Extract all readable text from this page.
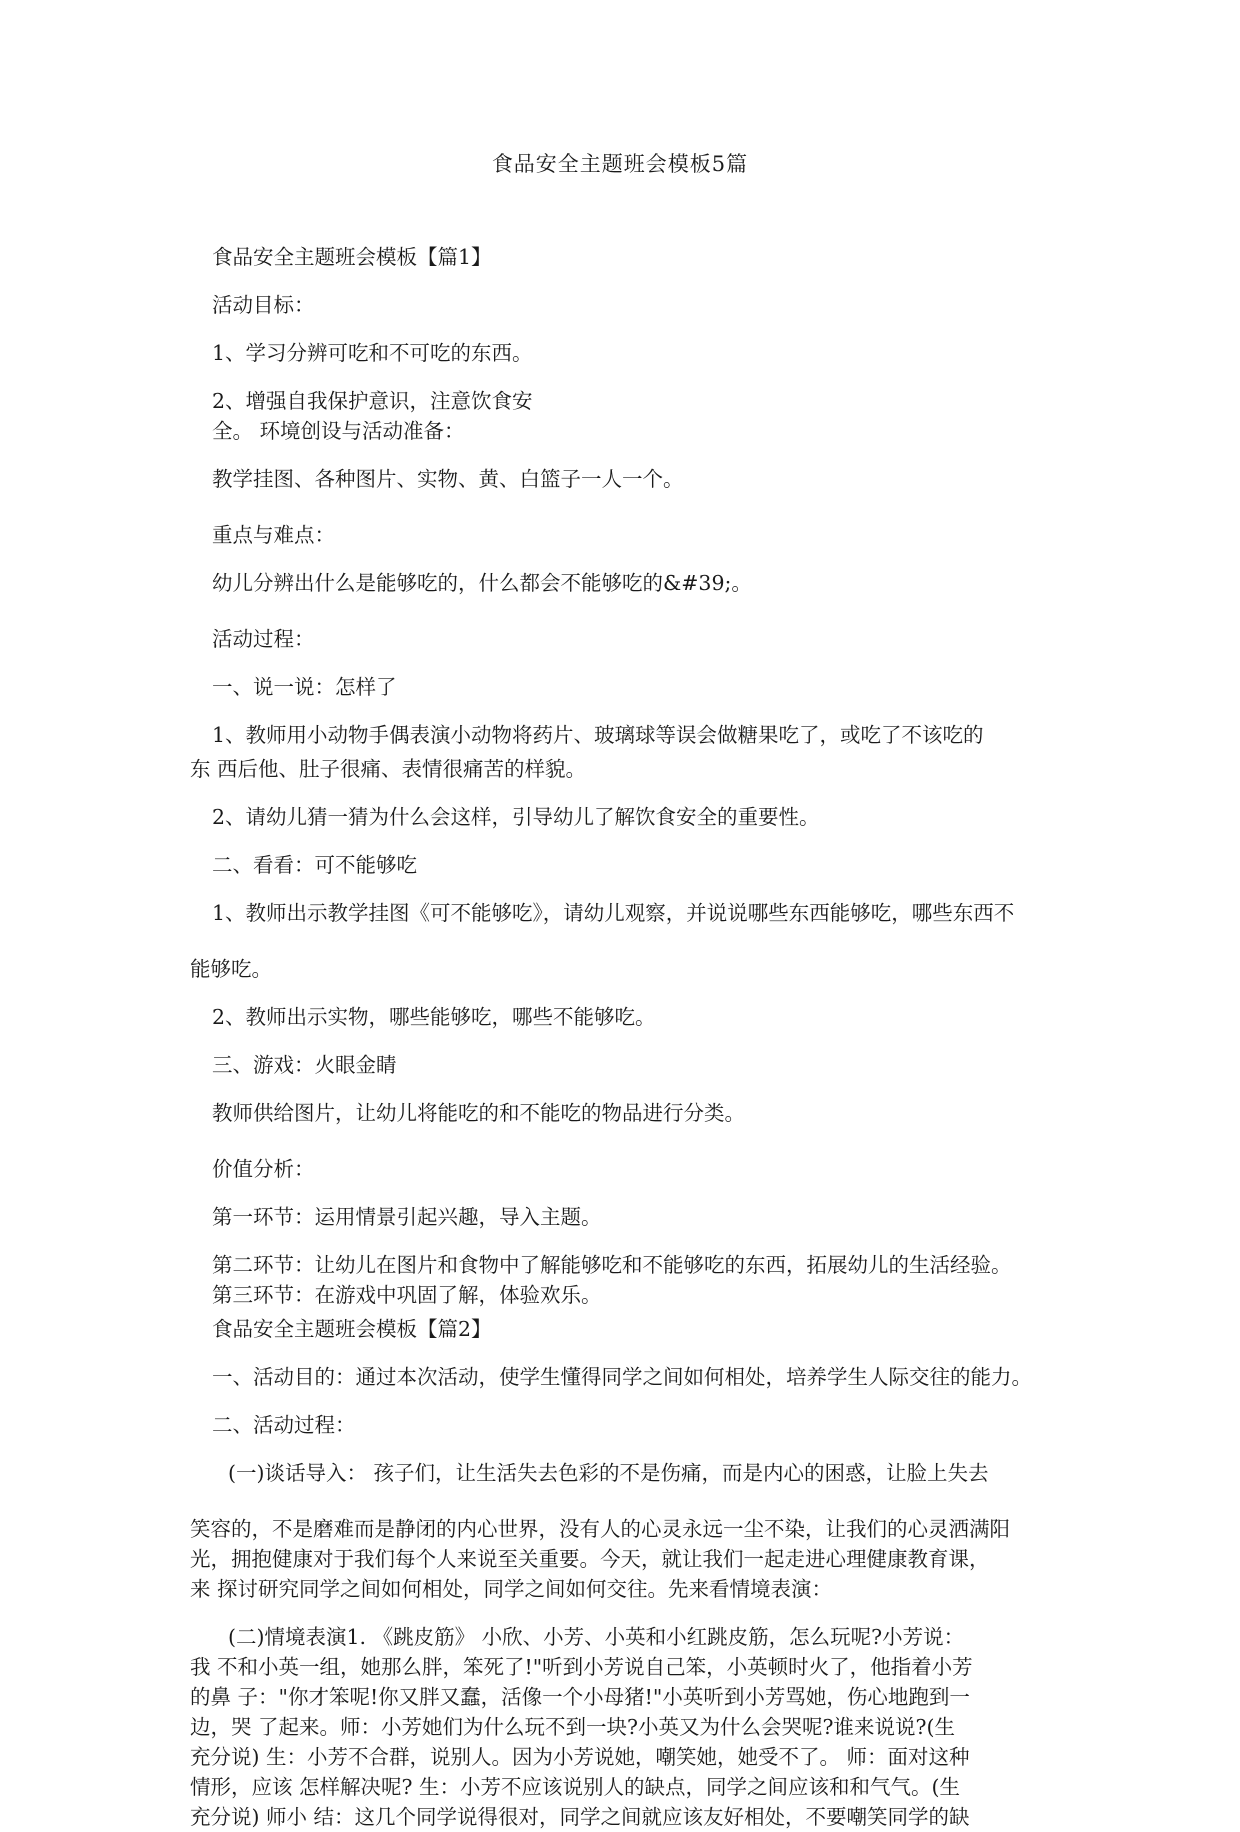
食品安全主题班会模板5篇

食品安全主题班会模板【篇1】

活动目标：

1、学习分辨可吃和不可吃的东西。

2、增强自我保护意识，注意饮食安

全。 环境创设与活动准备：

教学挂图、各种图片、实物、黄、白篮子一人一个。

重点与难点：

幼儿分辨出什么是能够吃的，什么都会不能够吃的&#39;。

活动过程：

一、说一说：怎样了

1、教师用小动物手偶表演小动物将药片、玻璃球等误会做糖果吃了，或吃了不该吃的

东 西后他、肚子很痛、表情很痛苦的样貌。

2、请幼儿猜一猜为什么会这样，引导幼儿了解饮食安全的重要性。

二、看看：可不能够吃

1、教师出示教学挂图《可不能够吃》，请幼儿观察，并说说哪些东西能够吃，哪些东西不

能够吃。

2、教师出示实物，哪些能够吃，哪些不能够吃。

三、游戏：火眼金睛

教师供给图片，让幼儿将能吃的和不能吃的物品进行分类。

价值分析：

第一环节：运用情景引起兴趣，导入主题。

第二环节：让幼儿在图片和食物中了解能够吃和不能够吃的东西，拓展幼儿的生活经验。

第三环节：在游戏中巩固了解，体验欢乐。

食品安全主题班会模板【篇2】

一、活动目的：通过本次活动，使学生懂得同学之间如何相处，培养学生人际交往的能力。

二、活动过程：

(一)谈话导入： 孩子们，让生活失去色彩的不是伤痛，而是内心的困惑，让脸上失去

笑容的，不是磨难而是静闭的内心世界，没有人的心灵永远一尘不染，让我们的心灵洒满阳

光，拥抱健康对于我们每个人来说至关重要。今天，就让我们一起走进心理健康教育课，

来 探讨研究同学之间如何相处，同学之间如何交往。先来看情境表演：

(二)情境表演1. 《跳皮筋》 小欣、小芳、小英和小红跳皮筋，怎么玩呢?小芳说：

我 不和小英一组，她那么胖，笨死了!"听到小芳说自己笨，小英顿时火了，他指着小芳

的鼻 子："你才笨呢!你又胖又蠢，活像一个小母猪!"小英听到小芳骂她，伤心地跑到一

边，哭 了起来。师：小芳她们为什么玩不到一块?小英又为什么会哭呢?谁来说说?(生

充分说) 生：小芳不合群，说别人。因为小芳说她，嘲笑她，她受不了。 师：面对这种

情形，应该 怎样解决呢? 生：小芳不应该说别人的缺点，同学之间应该和和气气。(生

充分说) 师小 结：这几个同学说得很对，同学之间就应该友好相处，不要嘲笑同学的缺
